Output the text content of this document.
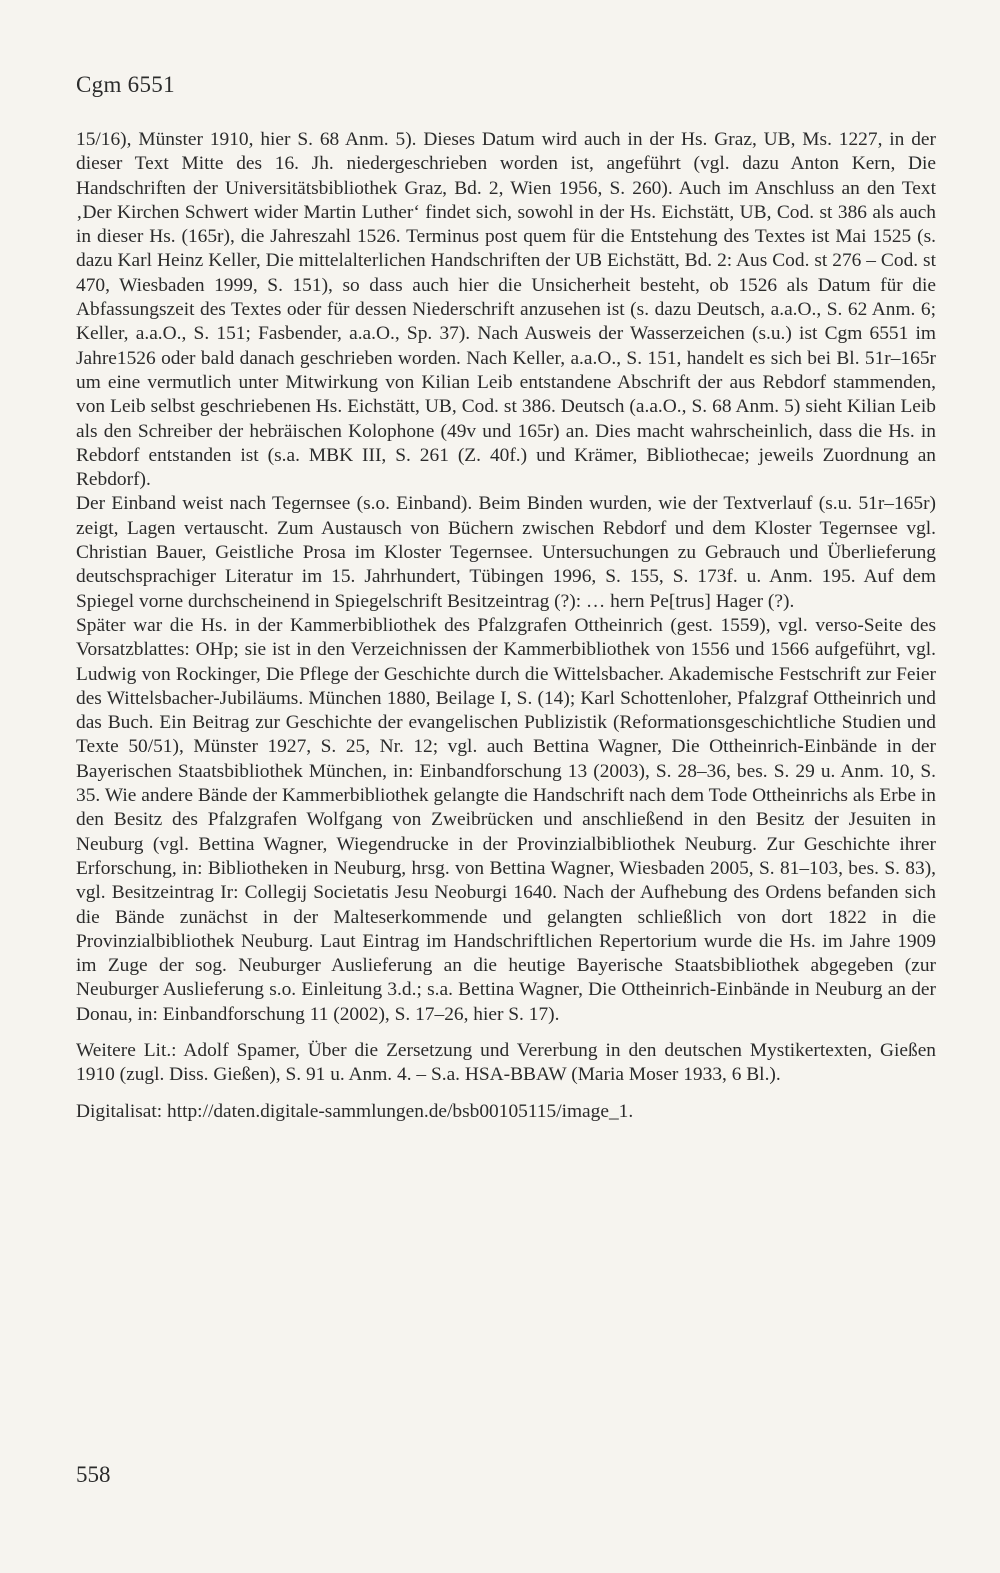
Cgm 6551

15/16), Münster 1910, hier S. 68 Anm. 5). Dieses Datum wird auch in der Hs. Graz, UB, Ms. 1227, in der dieser Text Mitte des 16. Jh. niedergeschrieben worden ist, angeführt (vgl. dazu Anton Kern, Die Handschriften der Universitätsbibliothek Graz, Bd. 2, Wien 1956, S. 260). Auch im Anschluss an den Text ‚Der Kirchen Schwert wider Martin Luther‘ findet sich, sowohl in der Hs. Eichstätt, UB, Cod. st 386 als auch in dieser Hs. (165r), die Jahreszahl 1526. Terminus post quem für die Entstehung des Textes ist Mai 1525 (s. dazu Karl Heinz Keller, Die mittelalterlichen Handschriften der UB Eichstätt, Bd. 2: Aus Cod. st 276 – Cod. st 470, Wiesbaden 1999, S. 151), so dass auch hier die Unsicherheit besteht, ob 1526 als Datum für die Abfassungszeit des Textes oder für dessen Niederschrift anzusehen ist (s. dazu Deutsch, a.a.O., S. 62 Anm. 6; Keller, a.a.O., S. 151; Fasbender, a.a.O., Sp. 37). Nach Ausweis der Wasserzeichen (s.u.) ist Cgm 6551 im Jahre1526 oder bald danach geschrieben worden. Nach Keller, a.a.O., S. 151, handelt es sich bei Bl. 51r–165r um eine vermutlich unter Mitwirkung von Kilian Leib entstandene Abschrift der aus Rebdorf stammenden, von Leib selbst geschriebenen Hs. Eichstätt, UB, Cod. st 386. Deutsch (a.a.O., S. 68 Anm. 5) sieht Kilian Leib als den Schreiber der hebräischen Kolophone (49v und 165r) an. Dies macht wahrscheinlich, dass die Hs. in Rebdorf entstanden ist (s.a. MBK III, S. 261 (Z. 40f.) und Krämer, Bibliothecae; jeweils Zuordnung an Rebdorf).

Der Einband weist nach Tegernsee (s.o. Einband). Beim Binden wurden, wie der Textverlauf (s.u. 51r–165r) zeigt, Lagen vertauscht. Zum Austausch von Büchern zwischen Rebdorf und dem Kloster Tegernsee vgl. Christian Bauer, Geistliche Prosa im Kloster Tegernsee. Untersuchungen zu Gebrauch und Überlieferung deutschsprachiger Literatur im 15. Jahrhundert, Tübingen 1996, S. 155, S. 173f. u. Anm. 195. Auf dem Spiegel vorne durchscheinend in Spiegelschrift Besitzeintrag (?): … hern Pe[trus] Hager (?).

Später war die Hs. in der Kammerbibliothek des Pfalzgrafen Ottheinrich (gest. 1559), vgl. verso-Seite des Vorsatzblattes: OHp; sie ist in den Verzeichnissen der Kammerbibliothek von 1556 und 1566 aufgeführt, vgl. Ludwig von Rockinger, Die Pflege der Geschichte durch die Wittelsbacher. Akademische Festschrift zur Feier des Wittelsbacher-Jubiläums. München 1880, Beilage I, S. (14); Karl Schottenloher, Pfalzgraf Ottheinrich und das Buch. Ein Beitrag zur Geschichte der evangelischen Publizistik (Reformationsgeschichtliche Studien und Texte 50/51), Münster 1927, S. 25, Nr. 12; vgl. auch Bettina Wagner, Die Ottheinrich-Einbände in der Bayerischen Staatsbibliothek München, in: Einbandforschung 13 (2003), S. 28–36, bes. S. 29 u. Anm. 10, S. 35. Wie andere Bände der Kammerbibliothek gelangte die Handschrift nach dem Tode Ottheinrichs als Erbe in den Besitz des Pfalzgrafen Wolfgang von Zweibrücken und anschließend in den Besitz der Jesuiten in Neuburg (vgl. Bettina Wagner, Wiegendrucke in der Provinzialbibliothek Neuburg. Zur Geschichte ihrer Erforschung, in: Bibliotheken in Neuburg, hrsg. von Bettina Wagner, Wiesbaden 2005, S. 81–103, bes. S. 83), vgl. Besitzeintrag Ir: Collegij Societatis Jesu Neoburgi 1640. Nach der Aufhebung des Ordens befanden sich die Bände zunächst in der Malteserkommende und gelangten schließlich von dort 1822 in die Provinzialbibliothek Neuburg. Laut Eintrag im Handschriftlichen Repertorium wurde die Hs. im Jahre 1909 im Zuge der sog. Neuburger Auslieferung an die heutige Bayerische Staatsbibliothek abgegeben (zur Neuburger Auslieferung s.o. Einleitung 3.d.; s.a. Bettina Wagner, Die Ottheinrich-Einbände in Neuburg an der Donau, in: Einbandforschung 11 (2002), S. 17–26, hier S. 17).

Weitere Lit.: Adolf Spamer, Über die Zersetzung und Vererbung in den deutschen Mystikertexten, Gießen 1910 (zugl. Diss. Gießen), S. 91 u. Anm. 4. – S.a. HSA-BBAW (Maria Moser 1933, 6 Bl.).

Digitalisat: http://daten.digitale-sammlungen.de/bsb00105115/image_1.

558
